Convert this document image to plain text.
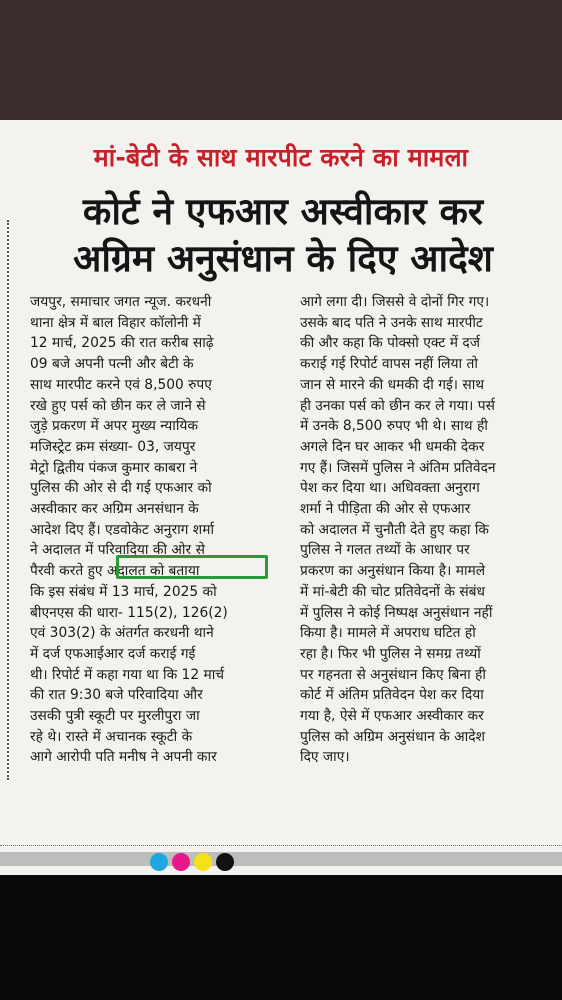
मां-बेटी के साथ मारपीट करने का मामला
कोर्ट ने एफआर अस्वीकार कर
अग्रिम अनुसंधान के दिए आदेश
जयपुर, समाचार जगत न्यूज. करधनी
थाना क्षेत्र में बाल विहार कॉलोनी में
12 मार्च, 2025 की रात करीब साढ़े
09 बजे अपनी पत्नी और बेटी के
साथ मारपीट करने एवं 8,500 रुपए
रखे हुए पर्स को छीन कर ले जाने से
जुड़े प्रकरण में अपर मुख्य न्यायिक
मजिस्ट्रेट क्रम संख्या- 03, जयपुर
मेट्रो द्वितीय पंकज कुमार काबरा ने
पुलिस की ओर से दी गई एफआर को
अस्वीकार कर अग्रिम अनसंधान के
आदेश दिए हैं। एडवोकेट अनुराग शर्मा
ने अदालत में परिवादिया की ओर से
पैरवी करते हुए अदालत को बताया
कि इस संबंध में 13 मार्च, 2025 को
बीएनएस की धारा- 115(2), 126(2)
एवं 303(2) के अंतर्गत करधनी थाने
में दर्ज एफआईआर दर्ज कराई गई
थी। रिपोर्ट में कहा गया था कि 12 मार्च
की रात 9:30 बजे परिवादिया और
उसकी पुत्री स्कूटी पर मुरलीपुरा जा
रहे थे। रास्ते में अचानक स्कूटी के
आगे आरोपी पति मनीष ने अपनी कार
आगे लगा दी। जिससे वे दोनों गिर गए।
उसके बाद पति ने उनके साथ मारपीट
की और कहा कि पोक्सो एक्ट में दर्ज
कराई गई रिपोर्ट वापस नहीं लिया तो
जान से मारने की धमकी दी गई। साथ
ही उनका पर्स को छीन कर ले गया। पर्स
में उनके 8,500 रुपए भी थे। साथ ही
अगले दिन घर आकर भी धमकी देकर
गए हैं। जिसमें पुलिस ने अंतिम प्रतिवेदन
पेश कर दिया था। अधिवक्ता अनुराग
शर्मा ने पीड़िता की ओर से एफआर
को अदालत में चुनौती देते हुए कहा कि
पुलिस ने गलत तथ्यों के आधार पर
प्रकरण का अनुसंधान किया है। मामले
में मां-बेटी की चोट प्रतिवेदनों के संबंध
में पुलिस ने कोई निष्पक्ष अनुसंधान नहीं
किया है। मामले में अपराध घटित हो
रहा है। फिर भी पुलिस ने समग्र तथ्यों
पर गहनता से अनुसंधान किए बिना ही
कोर्ट में अंतिम प्रतिवेदन पेश कर दिया
गया है, ऐसे में एफआर अस्वीकार कर
पुलिस को अग्रिम अनुसंधान के आदेश
दिए जाए।
